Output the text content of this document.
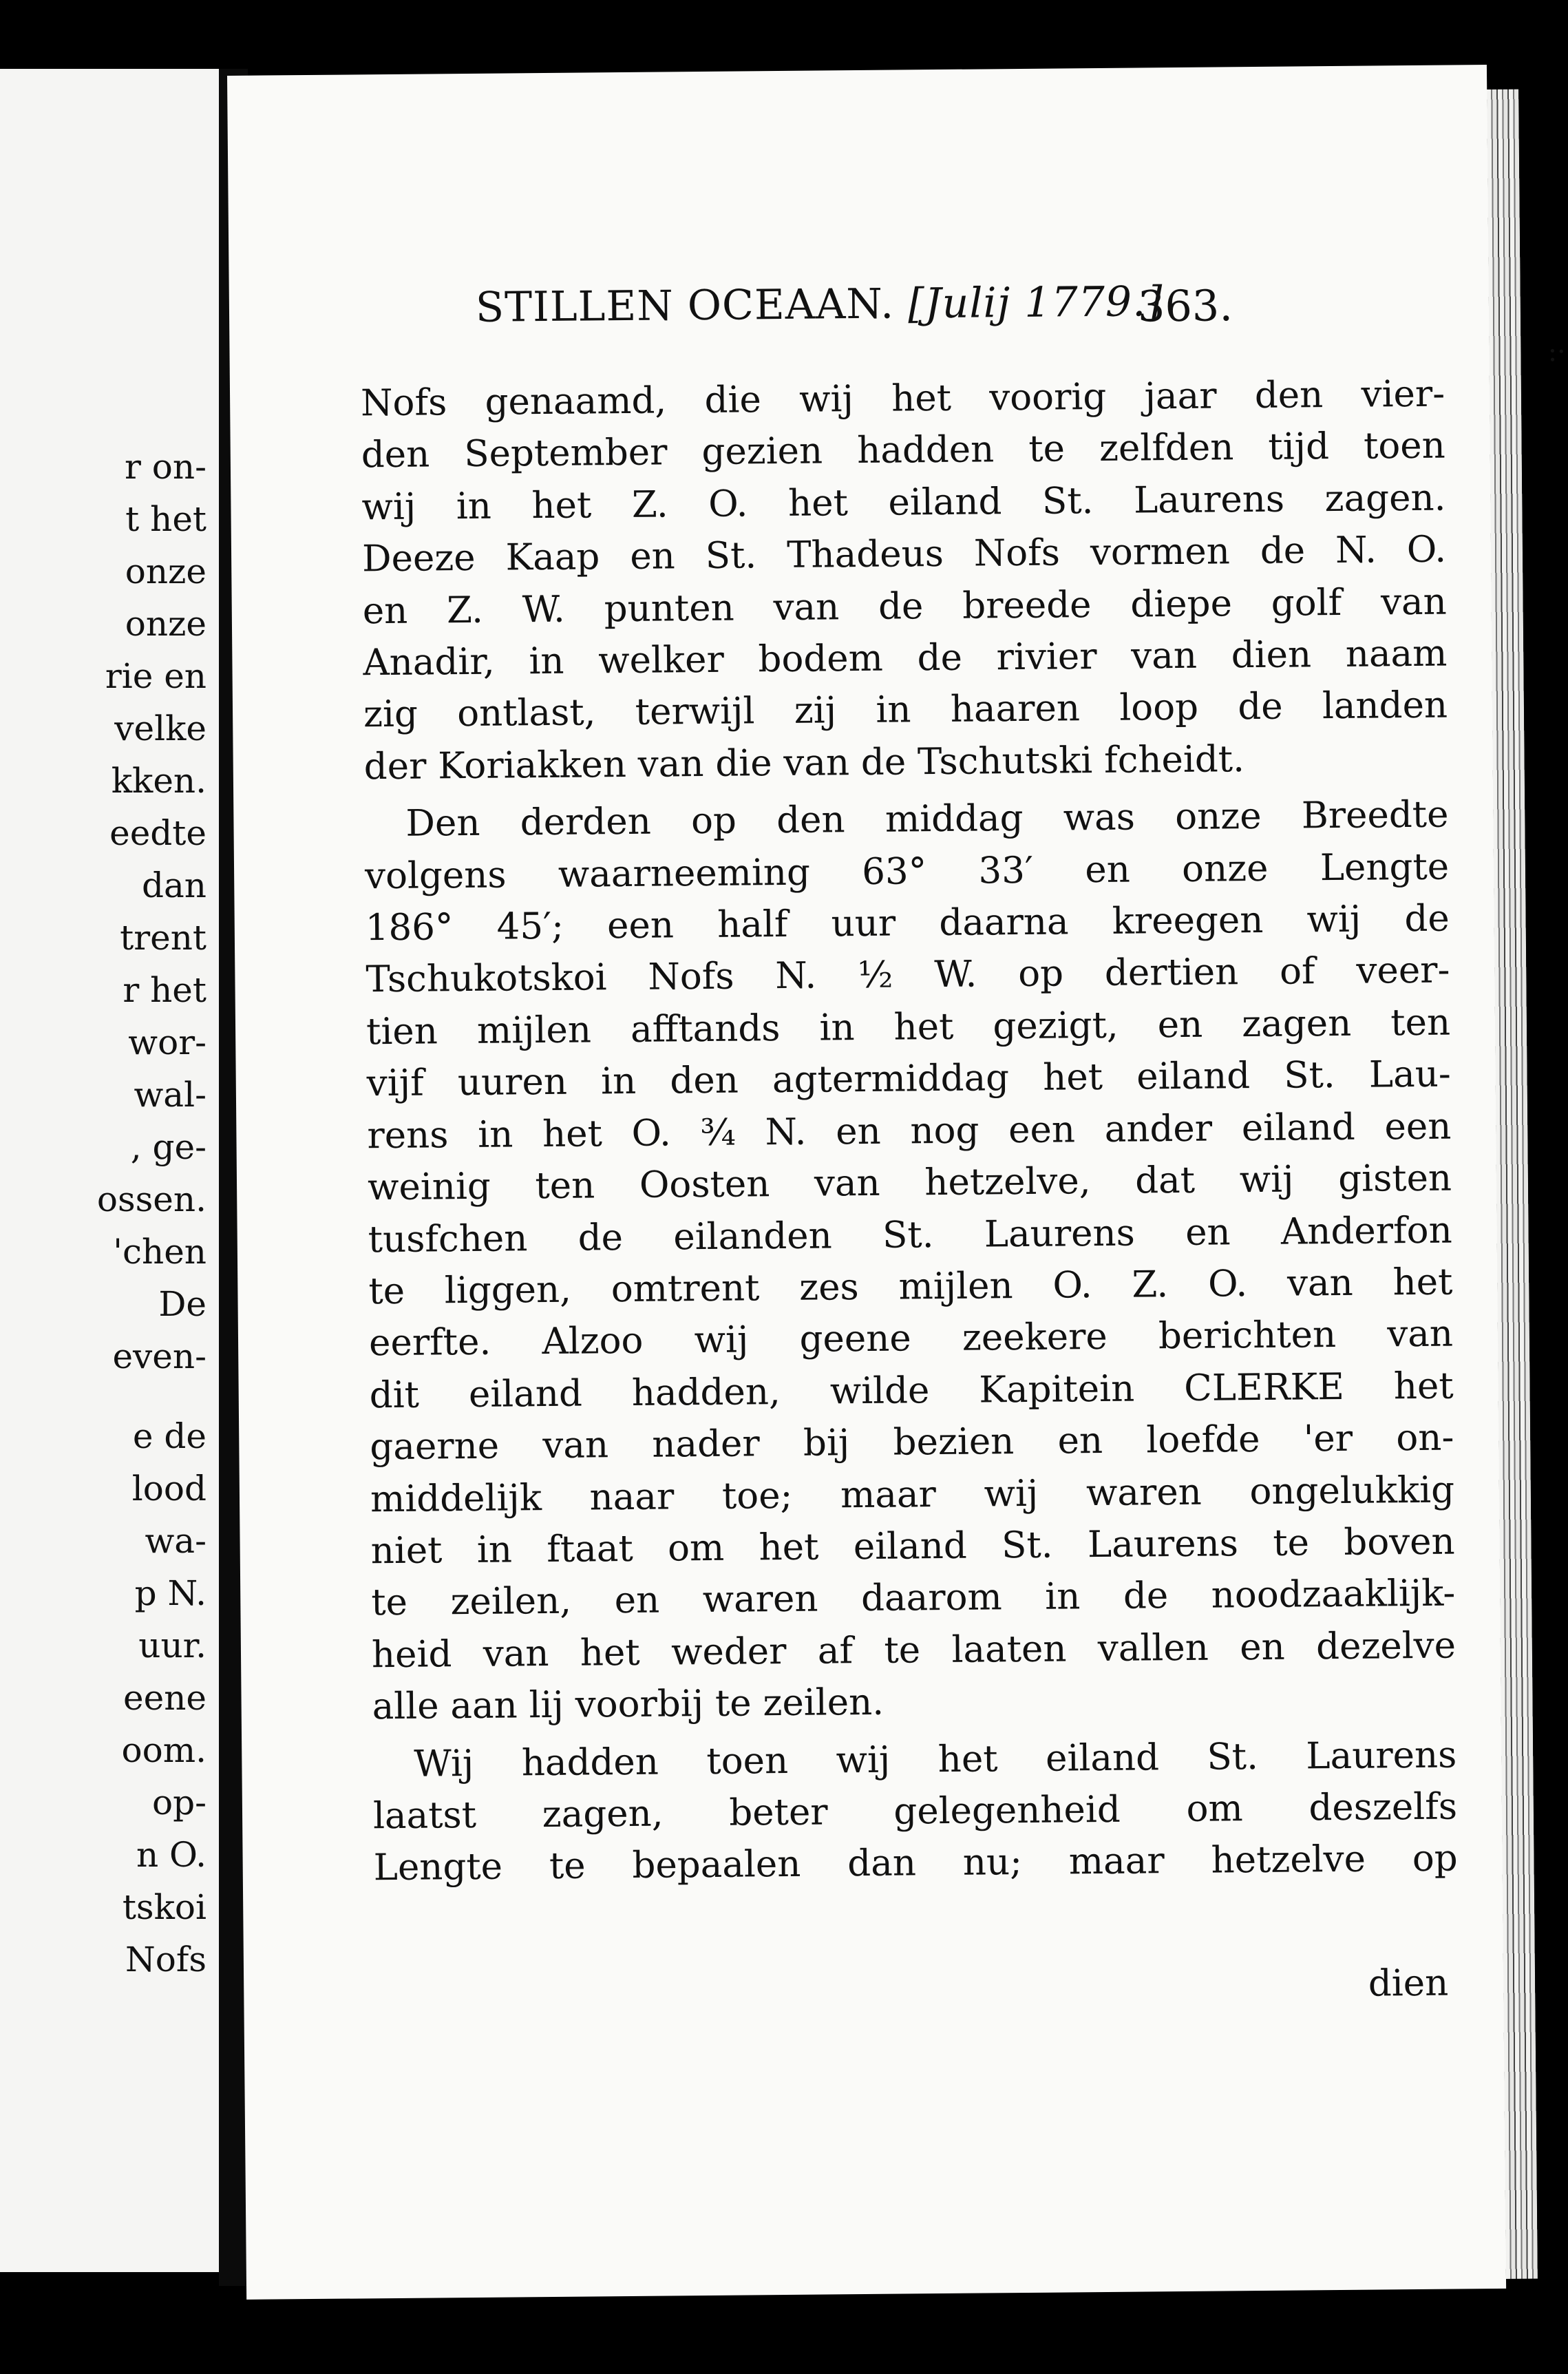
r on-
t het
onze
onze
rie en
velke
kken.
eedte
dan
trent
r het
wor-
wal-
, ge-
ossen.
'chen
De
even-
e de
lood
wa-
p N.
uur.
eene
oom.
op-
n O.
tskoi
Nofs
STILLEN OCEAAN. [Julij 1779.]
363.
:·
Nofs genaamd, die wij het voorig jaar den vier-
den September gezien hadden te zelfden tijd toen
wij in het Z. O. het eiland St. Laurens zagen.
Deeze Kaap en St. Thadeus Nofs vormen de N. O.
en Z. W. punten van de breede diepe golf van
Anadir, in welker bodem de rivier van dien naam
zig ontlast, terwijl zij in haaren loop de landen
der Koriakken van die van de Tschutski fcheidt.
Den derden op den middag was onze Breedte
volgens waarneeming 63° 33′ en onze Lengte
186° 45′; een half uur daarna kreegen wij de
Tschukotskoi Nofs N. ½ W. op dertien of veer-
tien mijlen afftands in het gezigt, en zagen ten
vijf uuren in den agtermiddag het eiland St. Lau-
rens in het O. ¾ N. en nog een ander eiland een
weinig ten Oosten van hetzelve, dat wij gisten
tusfchen de eilanden St. Laurens en Anderfon
te liggen, omtrent zes mijlen O. Z. O. van het
eerfte. Alzoo wij geene zeekere berichten van
dit eiland hadden, wilde Kapitein CLERKE het
gaerne van nader bij bezien en loefde 'er on-
middelijk naar toe; maar wij waren ongelukkig
niet in ftaat om het eiland St. Laurens te boven
te zeilen, en waren daarom in de noodzaaklijk-
heid van het weder af te laaten vallen en dezelve
alle aan lij voorbij te zeilen.
Wij hadden toen wij het eiland St. Laurens
laatst zagen, beter gelegenheid om deszelfs
Lengte te bepaalen dan nu; maar hetzelve op
dien
